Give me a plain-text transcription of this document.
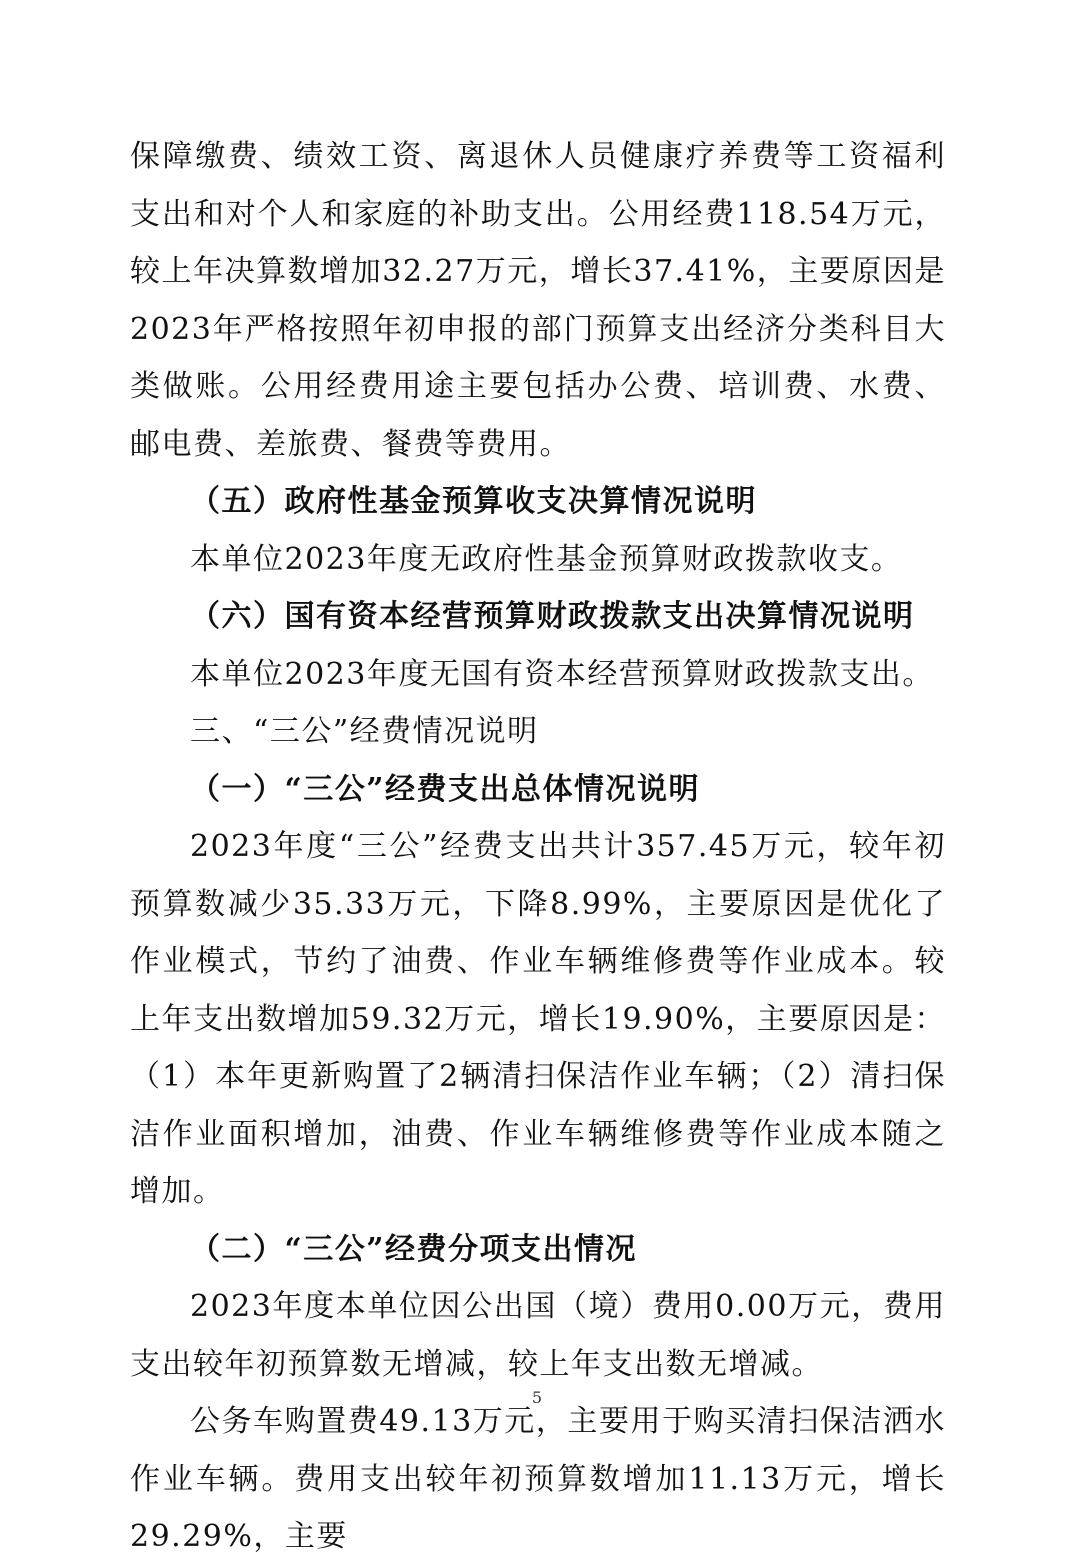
保障缴费、绩效工资、离退休人员健康疗养费等工资福利支出和对个人和家庭的补助支出。公用经费118.54万元，较上年决算数增加32.27万元，增长37.41%，主要原因是2023年严格按照年初申报的部门预算支出经济分类科目大类做账。公用经费用途主要包括办公费、培训费、水费、邮电费、差旅费、餐费等费用。

（五）政府性基金预算收支决算情况说明

本单位2023年度无政府性基金预算财政拨款收支。

（六）国有资本经营预算财政拨款支出决算情况说明

本单位2023年度无国有资本经营预算财政拨款支出。

三、“三公”经费情况说明

（一）“三公”经费支出总体情况说明

2023年度“三公”经费支出共计357.45万元，较年初预算数减少35.33万元，下降8.99%，主要原因是优化了作业模式，节约了油费、作业车辆维修费等作业成本。较上年支出数增加59.32万元，增长19.90%，主要原因是：（1）本年更新购置了2辆清扫保洁作业车辆；（2）清扫保洁作业面积增加，油费、作业车辆维修费等作业成本随之增加。

（二）“三公”经费分项支出情况

2023年度本单位因公出国（境）费用0.00万元，费用支出较年初预算数无增减，较上年支出数无增减。

公务车购置费49.13万元，主要用于购买清扫保洁洒水作业车辆。费用支出较年初预算数增加11.13万元，增长29.29%，主要

5
